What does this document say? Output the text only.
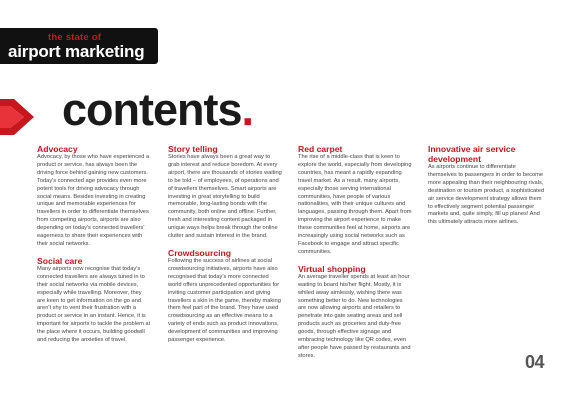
the state of
airport marketing
contents.
Advocacy
Advocacy, by those who have experienced a product or service, has always been the driving force behind gaining new customers. Today's connected age provides even more potent tools for driving advocacy through social means. Besides investing in creating unique and memorable experiences for travellers in order to differentiate themselves from competing airports, airports are also depending on today's connected travellers' eagerness to share their experiences with their social networks.
Social care
Many airports now recognise that today's connected travellers are always tuned in to their social networks via mobile devices, especially while travelling. Moreover, they are keen to get information on the go and aren't shy to vent their frustration with a product or service in an instant. Hence, it is important for airports to tackle the problem at the place where it occurs, building goodwill and reducing the anxieties of travel.
Story telling
Stories have always been a great way to grab interest and reduce boredom. At every airport, there are thousands of stories waiting to be told – of employees, of operations and of travellers themselves. Smart airports are investing in great storytelling to build memorable, long-lasting bonds with the community, both online and offline. Further, fresh and interesting content packaged in unique ways helps break through the online clutter and sustain interest in the brand.
Crowdsourcing
Following the success of airlines at social crowdsourcing initiatives, airports have also recognised that today's more connected world offers unprecedented opportunities for inviting customer participation and giving travellers a skin in the game, thereby making them feel part of the brand. They have used crowdsourcing as an effective means to a variety of ends such as product innovations, development of communities and improving passenger experience.
Red carpet
The rise of a middle-class that is keen to explore the world, especially from developing countries, has meant a rapidly expanding travel market. As a result, many airports, especially those serving international communities, have people of various nationalities, with their unique cultures and languages, passing through them. Apart from improving the airport experience to make these communities feel at home, airports are increasingly using social networks such as Facebook to engage and attract specific communities.
Virtual shopping
An average traveller spends at least an hour waiting to board his/her flight. Mostly, it is whiled away aimlessly, wishing there was something better to do. New technologies are now allowing airports and retailers to penetrate into gate seating areas and sell products such as groceries and duty-free goods, through effective signage and embracing technology like QR codes, even after people have passed by restaurants and stores.
Innovative air service development
As airports continue to differentiate themselves to passengers in order to become more appealing than their neighbouring rivals, destination or tourism product, a sophisticated air service development strategy allows them to effectively segment potential passenger markets and, quite simply, fill up planes! And this ultimately attracts more airlines.
04
